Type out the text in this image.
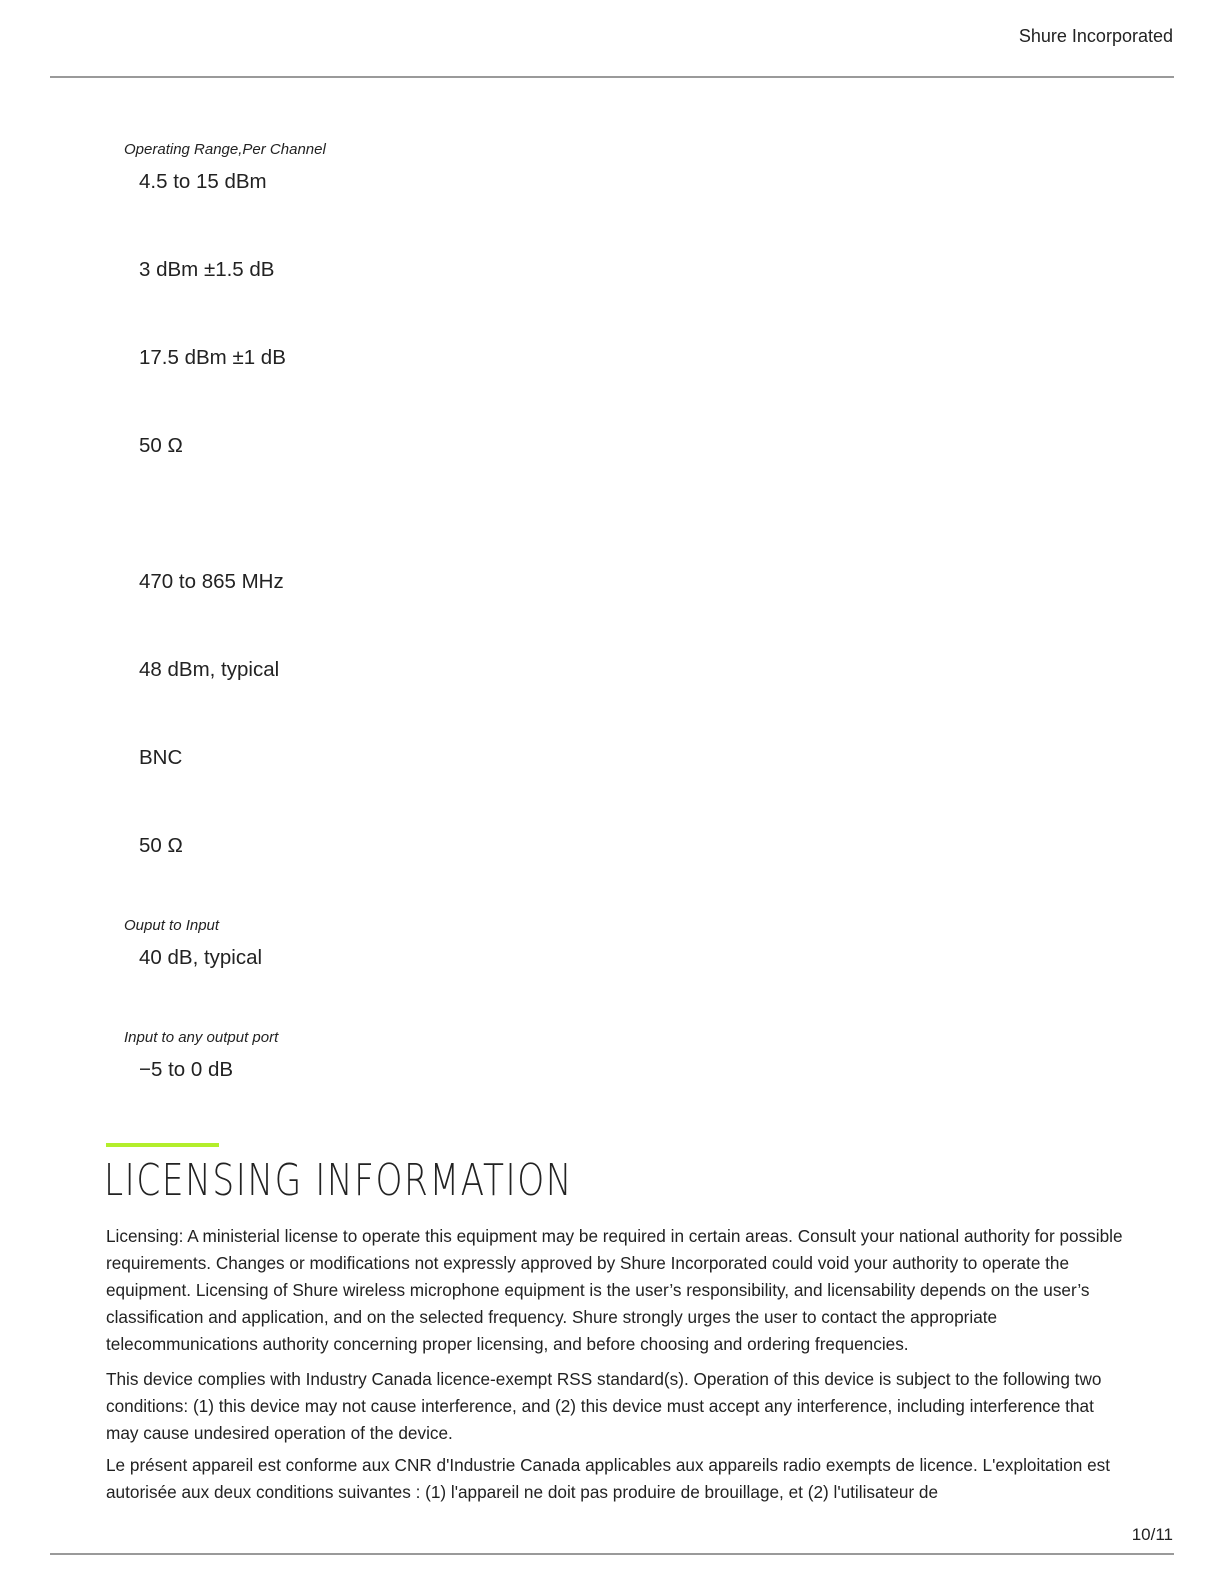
Shure Incorporated
Operating Range,Per Channel
4.5 to 15 dBm
3 dBm ±1.5 dB
17.5 dBm ±1 dB
50 Ω
470 to 865 MHz
48 dBm, typical
BNC
50 Ω
Ouput to Input
40 dB, typical
Input to any output port
−5 to 0 dB
LICENSING INFORMATION

Licensing: A ministerial license to operate this equipment may be required in certain areas. Consult your national authority for possible requirements. Changes or modifications not expressly approved by Shure Incorporated could void your authority to operate the equipment. Licensing of Shure wireless microphone equipment is the user’s responsibility, and licensability depends on the user’s classification and application, and on the selected frequency. Shure strongly urges the user to contact the appropriate telecommunications authority concerning proper licensing, and before choosing and ordering frequencies.

This device complies with Industry Canada licence-exempt RSS standard(s). Operation of this device is subject to the following two conditions: (1) this device may not cause interference, and (2) this device must accept any interference, including interference that may cause undesired operation of the device.

Le présent appareil est conforme aux CNR d'Industrie Canada applicables aux appareils radio exempts de licence. L'exploitation est autorisée aux deux conditions suivantes : (1) l'appareil ne doit pas produire de brouillage, et (2) l'utilisateur de

10/11
